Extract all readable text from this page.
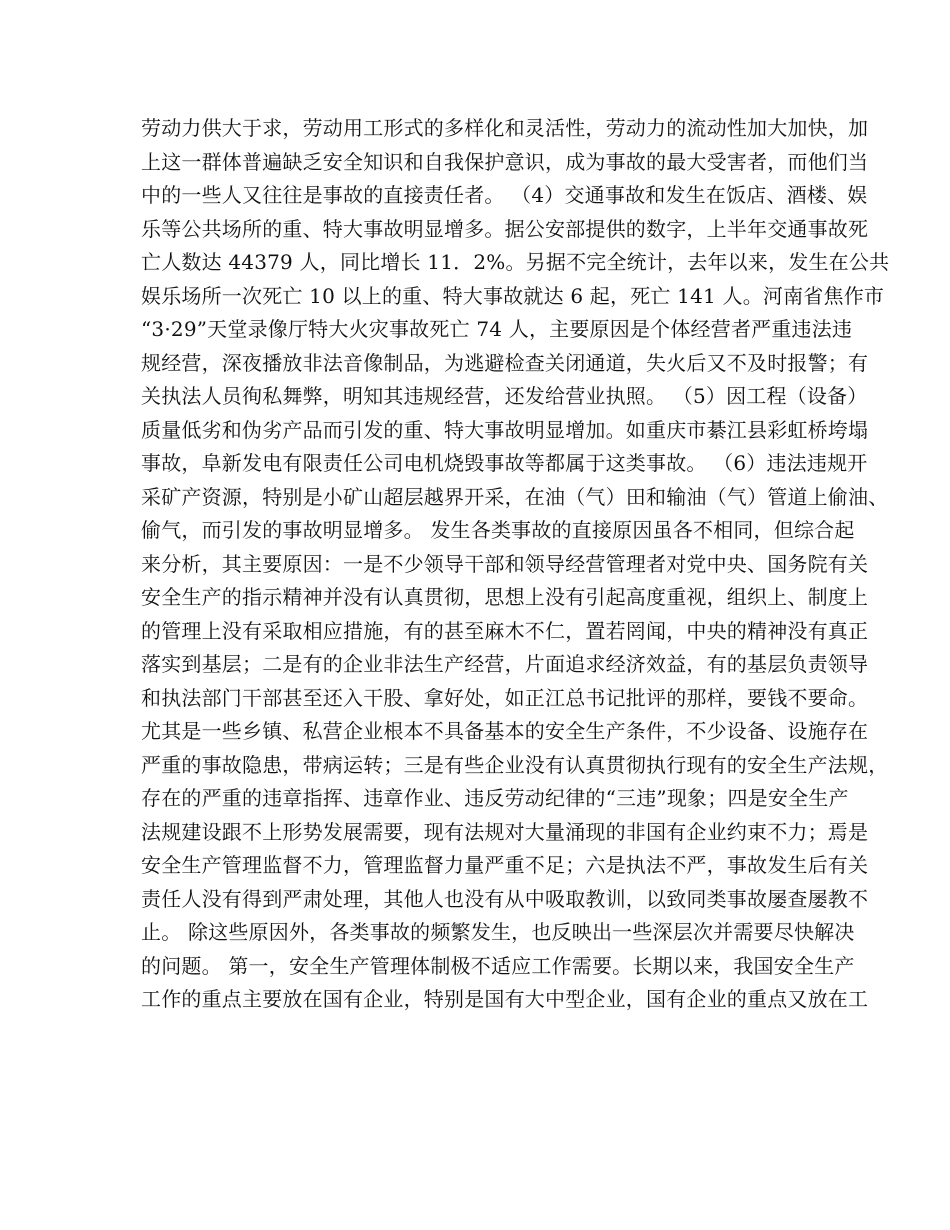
劳动力供大于求，劳动用工形式的多样化和灵活性，劳动力的流动性加大加快，加
上这一群体普遍缺乏安全知识和自我保护意识，成为事故的最大受害者，而他们当
中的一些人又往往是事故的直接责任者。 （4）交通事故和发生在饭店、酒楼、娱
乐等公共场所的重、特大事故明显增多。据公安部提供的数字，上半年交通事故死
亡人数达 44379 人，同比增长 11．2%。另据不完全统计，去年以来，发生在公共
娱乐场所一次死亡 10 以上的重、特大事故就达 6 起，死亡 141 人。河南省焦作市
“3·29”天堂录像厅特大火灾事故死亡 74 人，主要原因是个体经营者严重违法违
规经营，深夜播放非法音像制品，为逃避检查关闭通道，失火后又不及时报警；有
关执法人员徇私舞弊，明知其违规经营，还发给营业执照。 （5）因工程（设备）
质量低劣和伪劣产品而引发的重、特大事故明显增加。如重庆市綦江县彩虹桥垮塌
事故，阜新发电有限责任公司电机烧毁事故等都属于这类事故。 （6）违法违规开
采矿产资源，特别是小矿山超层越界开采，在油（气）田和输油（气）管道上偷油、
偷气，而引发的事故明显增多。 发生各类事故的直接原因虽各不相同，但综合起
来分析，其主要原因：一是不少领导干部和领导经营管理者对党中央、国务院有关
安全生产的指示精神并没有认真贯彻，思想上没有引起高度重视，组织上、制度上
的管理上没有采取相应措施，有的甚至麻木不仁，置若罔闻，中央的精神没有真正
落实到基层；二是有的企业非法生产经营，片面追求经济效益，有的基层负责领导
和执法部门干部甚至还入干股、拿好处，如正江总书记批评的那样，要钱不要命。
尤其是一些乡镇、私营企业根本不具备基本的安全生产条件，不少设备、设施存在
严重的事故隐患，带病运转；三是有些企业没有认真贯彻执行现有的安全生产法规，
存在的严重的违章指挥、违章作业、违反劳动纪律的“三违”现象；四是安全生产
法规建设跟不上形势发展需要，现有法规对大量涌现的非国有企业约束不力；焉是
安全生产管理监督不力，管理监督力量严重不足；六是执法不严，事故发生后有关
责任人没有得到严肃处理，其他人也没有从中吸取教训，以致同类事故屡查屡教不
止。 除这些原因外，各类事故的频繁发生，也反映出一些深层次并需要尽快解决
的问题。 第一，安全生产管理体制极不适应工作需要。长期以来，我国安全生产
工作的重点主要放在国有企业，特别是国有大中型企业，国有企业的重点又放在工
